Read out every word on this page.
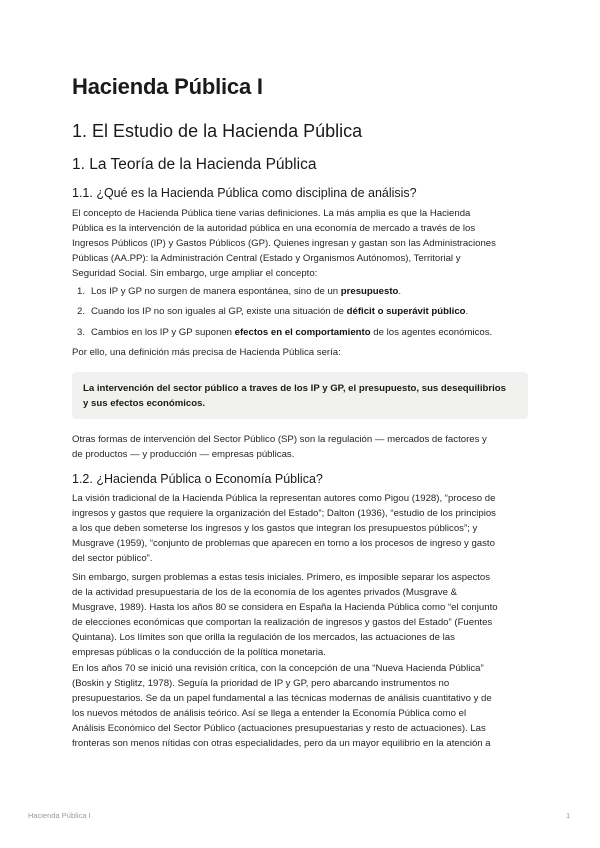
Hacienda Pública I
1. El Estudio de la Hacienda Pública
1. La Teoría de la Hacienda Pública
1.1. ¿Qué es la Hacienda Pública como disciplina de análisis?
El concepto de Hacienda Pública tiene varias definiciones. La más amplia es que la Hacienda
Pública es la intervención de la autoridad pública en una economía de mercado a través de los
Ingresos Públicos (IP) y Gastos Públicos (GP). Quienes ingresan y gastan son las Administraciones
Públicas (AA.PP): la Administración Central (Estado y Organismos Autónomos), Territorial y
Seguridad Social. Sin embargo, urge ampliar el concepto:
1. Los IP y GP no surgen de manera espontánea, sino de un presupuesto.
2. Cuando los IP no son iguales al GP, existe una situación de déficit o superávit público.
3. Cambios en los IP y GP suponen efectos en el comportamiento de los agentes económicos.
Por ello, una definición más precisa de Hacienda Pública sería:
La intervención del sector público a traves de los IP y GP, el presupuesto, sus desequilibrios
y sus efectos económicos.
Otras formas de intervención del Sector Público (SP) son la regulación — mercados de factores y
de productos — y producción — empresas públicas.
1.2. ¿Hacienda Pública o Economía Pública?
La visión tradicional de la Hacienda Pública la representan autores como Pigou (1928), “proceso de
ingresos y gastos que requiere la organización del Estado”; Dalton (1936), “estudio de los principios
a los que deben someterse los ingresos y los gastos que integran los presupuestos públicos”; y
Musgrave (1959), “conjunto de problemas que aparecen en torno a los procesos de ingreso y gasto
del sector público”.
Sin embargo, surgen problemas a estas tesis iniciales. Primero, es imposible separar los aspectos
de la actividad presupuestaria de los de la economía de los agentes privados (Musgrave &
Musgrave, 1989). Hasta los años 80 se considera en España la Hacienda Pública como “el conjunto
de elecciones económicas que comportan la realización de ingresos y gastos del Estado” (Fuentes
Quintana). Los límites son que orilla la regulación de los mercados, las actuaciones de las
empresas públicas o la conducción de la política monetaria.
En los años 70 se inició una revisión crítica, con la concepción de una “Nueva Hacienda Pública”
(Boskin y Stiglitz, 1978). Seguía la prioridad de IP y GP, pero abarcando instrumentos no
presupuestarios. Se da un papel fundamental a las técnicas modernas de análisis cuantitativo y de
los nuevos métodos de análisis teórico. Así se llega a entender la Economía Pública como el
Análisis Económico del Sector Público (actuaciones presupuestarias y resto de actuaciones). Las
fronteras son menos nítidas con otras especialidades, pero da un mayor equilibrio en la atención a
Hacienda Pública I	1
